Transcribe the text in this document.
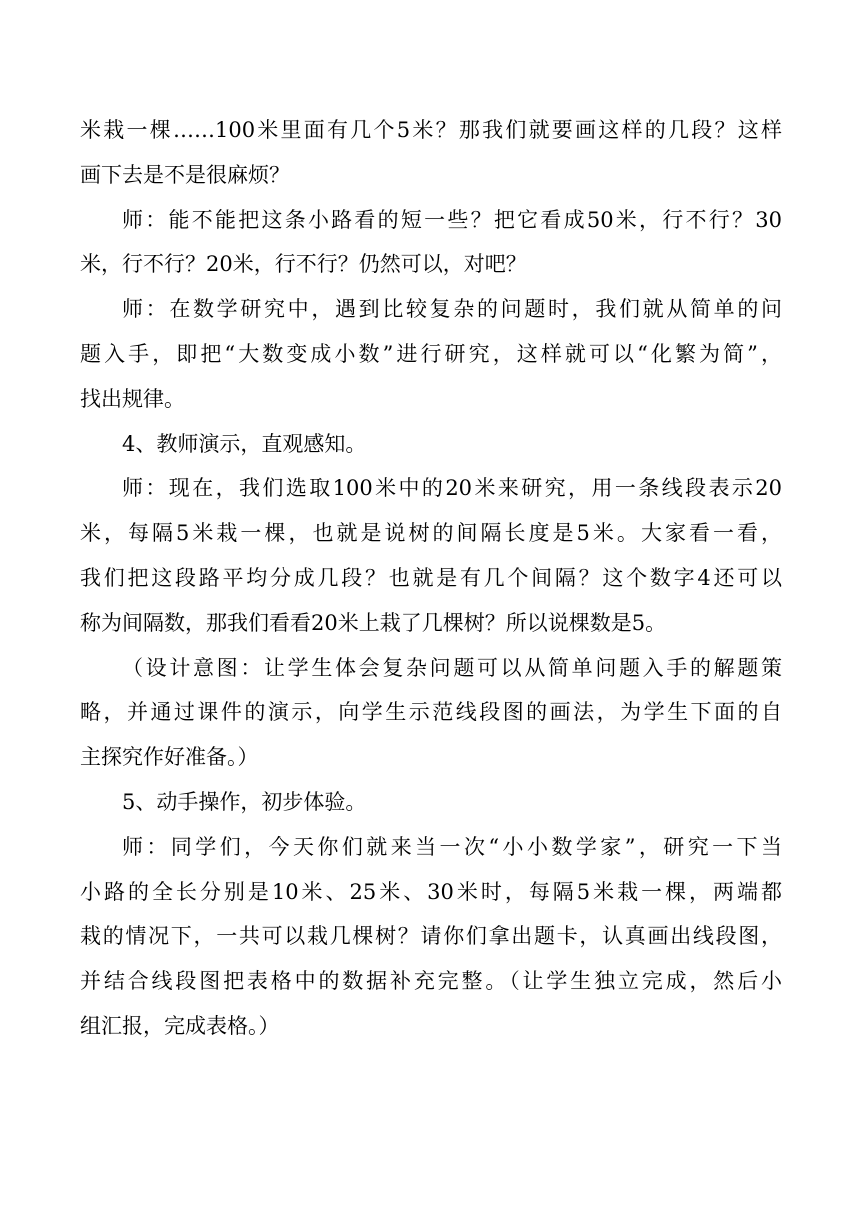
米栽一棵……100米里面有几个5米？那我们就要画这样的几段？这样
画下去是不是很麻烦？
师：能不能把这条小路看的短一些？把它看成50米，行不行？30
米，行不行？20米，行不行？仍然可以，对吧？
师：在数学研究中，遇到比较复杂的问题时，我们就从简单的问
题入手，即把“大数变成小数”进行研究，这样就可以“化繁为简”，
找出规律。
4、教师演示，直观感知。
师：现在，我们选取100米中的20米来研究，用一条线段表示20
米，每隔5米栽一棵，也就是说树的间隔长度是5米。大家看一看，
我们把这段路平均分成几段？也就是有几个间隔？这个数字4还可以
称为间隔数，那我们看看20米上栽了几棵树？所以说棵数是5。
（设计意图：让学生体会复杂问题可以从简单问题入手的解题策
略，并通过课件的演示，向学生示范线段图的画法，为学生下面的自
主探究作好准备。）
5、动手操作，初步体验。
师：同学们，今天你们就来当一次“小小数学家”，研究一下当
小路的全长分别是10米、25米、30米时，每隔5米栽一棵，两端都
栽的情况下，一共可以栽几棵树？请你们拿出题卡，认真画出线段图，
并结合线段图把表格中的数据补充完整。（让学生独立完成，然后小
组汇报，完成表格。）
